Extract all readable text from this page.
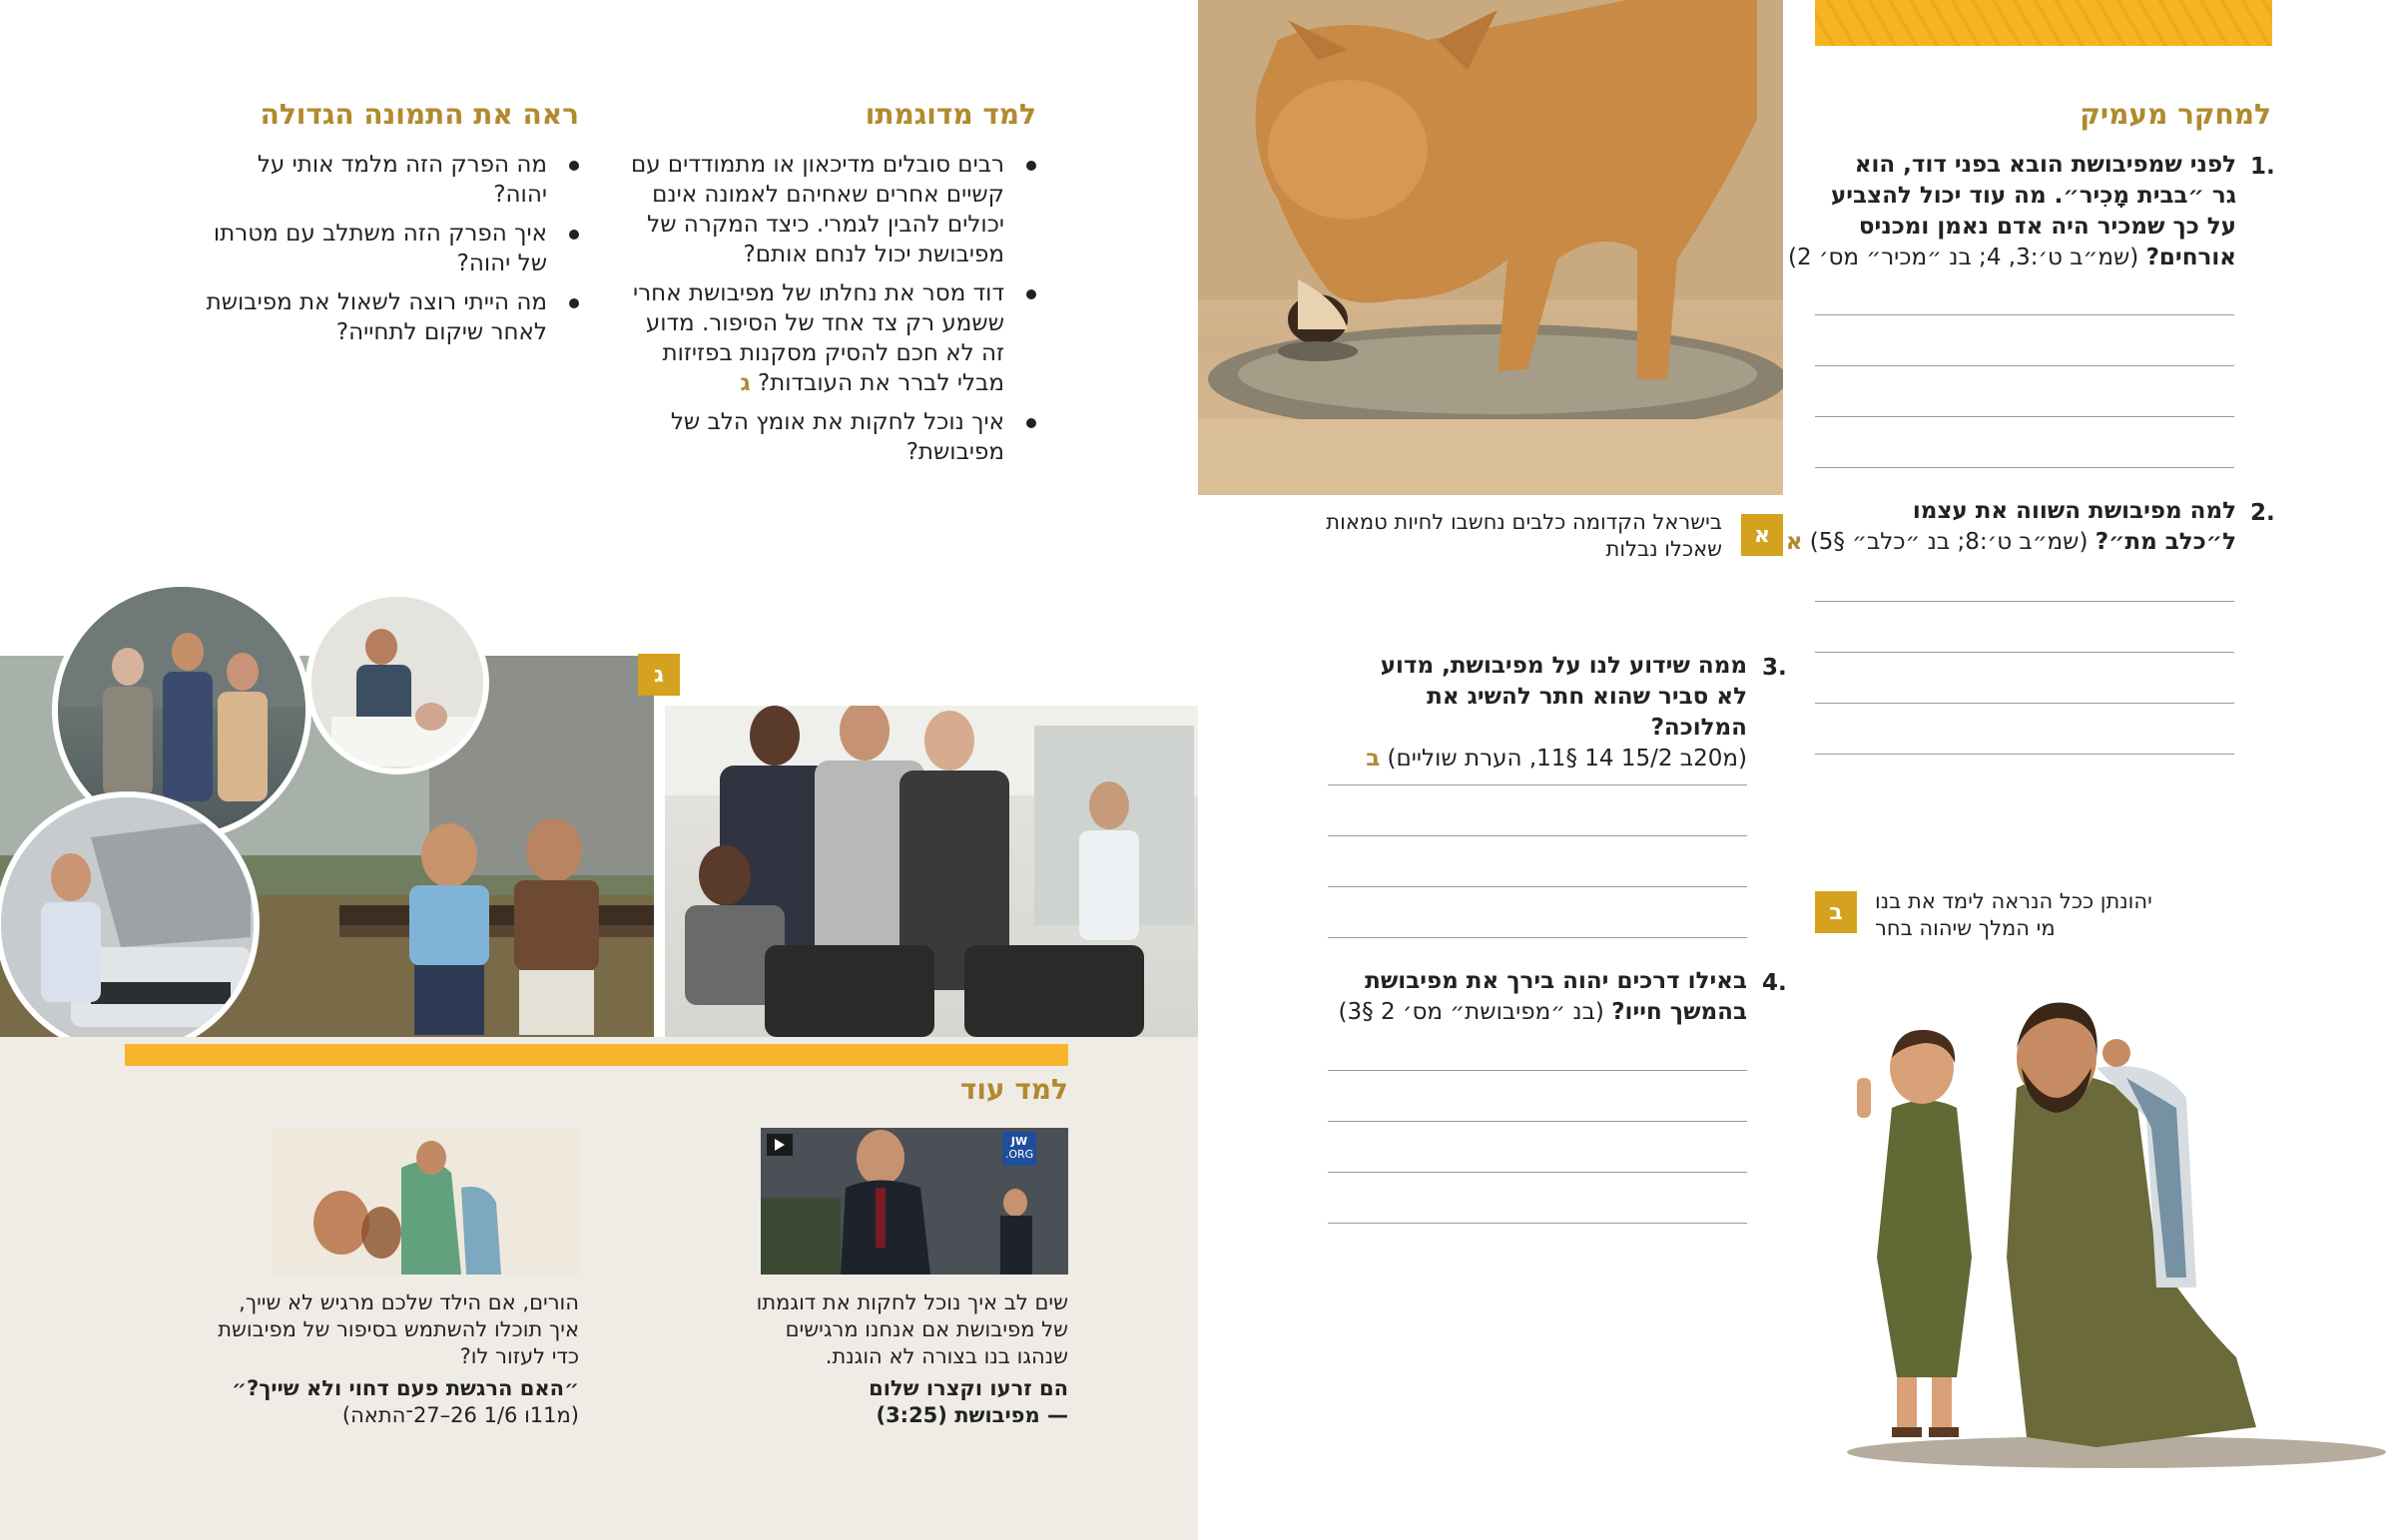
א
בישראל הקדומה כלבים נחשבו לחיות טמאות
שאכלו נבלות
למחקר מעמיק
לפני שמפיבושת הובא בפני דוד, הוא
גר ״בבית מָכִיר״. מה עוד יכול להצביע
על כך שמכיר היה אדם נאמן ומכניס
אורחים? (שמ״ב ט׳:3, 4; בנ ״מכיר״ מס׳ 2)
1.
למה מפיבושת השווה את עצמו
ל״כלב מת״? (שמ״ב ט׳:8; בנ ״כלב״ §5) א
2.
ממה שידוע לנו על מפיבושת, מדוע
לא סביר שהוא חתר להשיג את המלוכה?
(מ20ב 15/2 14 §11, הערת שוליים) ב
3.
באילו דרכים יהוה בירך את מפיבושת
בהמשך חייו? (בנ ״מפיבושת״ מס׳ 2 §3)
4.
ב	יהונתן ככל הנראה לימד את בנו
מי המלך שיהוה בחר
למד מדוגמתו
רבים סובלים מדיכאון או מתמודדים עם קשיים אחרים שאחיהם לאמונה אינם יכולים להבין לגמרי. כיצד המקרה של מפיבושת יכול לנחם אותם?
דוד מסר את נחלתו של מפיבושת אחרי ששמע רק צד אחד של הסיפור. מדוע זה לא חכם להסיק מסקנות בפזיזות מבלי לברר את העובדות? ג
איך נוכל לחקות את אומץ הלב של מפיבושת?
ראה את התמונה הגדולה
מה הפרק הזה מלמד אותי על יהוה?
איך הפרק הזה משתלב עם מטרתו של יהוה?
מה הייתי רוצה לשאול את מפיבושת לאחר שיקום לתחייה?
ג
למד עוד
JW
.ORG
שים לב איך נוכל לחקות את דוגמתו
של מפיבושת אם אנחנו מרגישים
שנהגו בנו בצורה לא הוגנת.
הם זרעו וקצרו שלום
— מפיבושת (3:25)
הורים, אם הילד שלכם מרגיש לא שייך,
איך תוכלו להשתמש בסיפור של מפיבושת
כדי לעזור לו?
״האם הרגשת פעם דחוי ולא שייך?״
(מ11ו 1/6 26–27־התאה)
